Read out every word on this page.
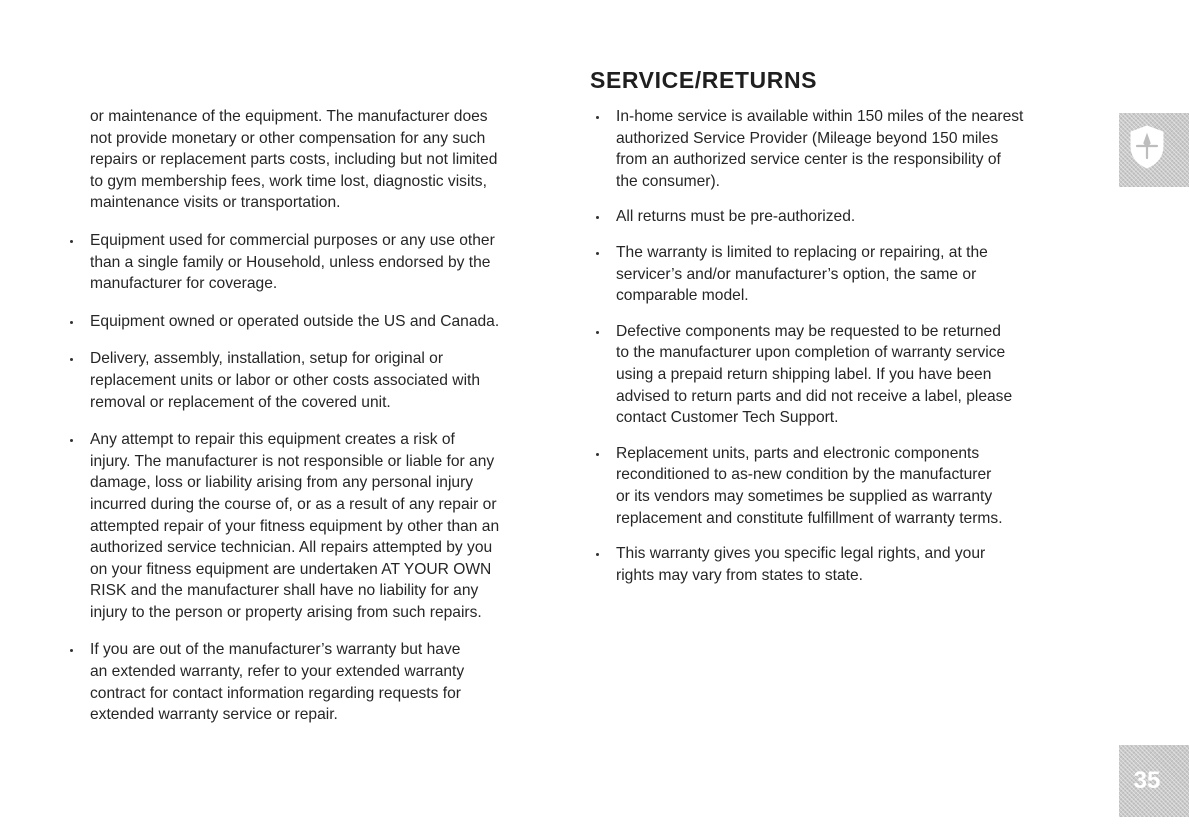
or maintenance of the equipment. The manufacturer does
not provide monetary or other compensation for any such
repairs or replacement parts costs, including but not limited
to gym membership fees, work time lost, diagnostic visits,
maintenance visits or transportation.

Equipment used for commercial purposes or any use other
than a single family or Household, unless endorsed by the
manufacturer for coverage.
Equipment owned or operated outside the US and Canada.
Delivery, assembly, installation, setup for original or
replacement units or labor or other costs associated with
removal or replacement of the covered unit.
Any attempt to repair this equipment creates a risk of
injury. The manufacturer is not responsible or liable for any
damage, loss or liability arising from any personal injury
incurred during the course of, or as a result of any repair or
attempted repair of your fitness equipment by other than an
authorized service technician. All repairs attempted by you
on your fitness equipment are undertaken AT YOUR OWN
RISK and the manufacturer shall have no liability for any
injury to the person or property arising from such repairs.
If you are out of the manufacturer’s warranty but have
an extended warranty, refer to your extended warranty
contract for contact information regarding requests for
extended warranty service or repair.
SERVICE/RETURNS
In-home service is available within 150 miles of the nearest
authorized Service Provider (Mileage beyond 150 miles
from an authorized service center is the responsibility of
the consumer).
All returns must be pre-authorized.
The warranty is limited to replacing or repairing, at the
servicer’s and/or manufacturer’s option, the same or
comparable model.
Defective components may be requested to be returned
to the manufacturer upon completion of warranty service
using a prepaid return shipping label. If you have been
advised to return parts and did not receive a label, please
contact Customer Tech Support.
Replacement units, parts and electronic components
reconditioned to as-new condition by the manufacturer
or its vendors may sometimes be supplied as warranty
replacement and constitute fulfillment of warranty terms.
This warranty gives you specific legal rights, and your
rights may vary from states to state.
35
